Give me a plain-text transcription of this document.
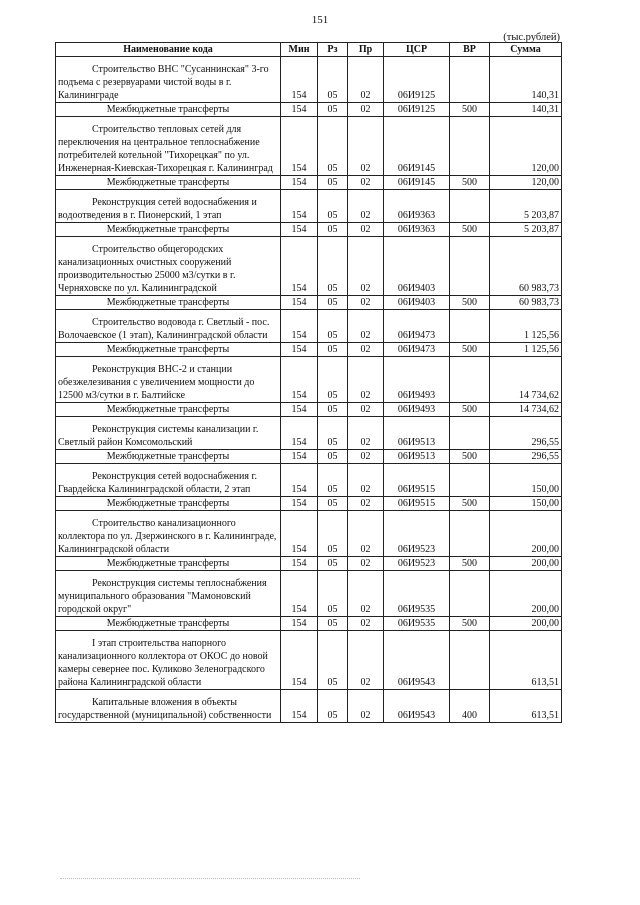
151
(тыс.рублей)
Наименование кода	Мин	Рз	Пр	ЦСР	ВР	Сумма
Строительство ВНС "Сусаннинская" 3-го подъема с резервуарами чистой воды в г. Калининграде	154	05	02	06И9125		140,31
Межбюджетные трансферты	154	05	02	06И9125	500	140,31
Строительство тепловых сетей для переключения на центральное теплоснабжение потребителей котельной "Тихорецкая" по ул. Инженерная-Киевская-Тихорецкая г. Калининград	154	05	02	06И9145		120,00
Межбюджетные трансферты	154	05	02	06И9145	500	120,00
Реконструкция сетей водоснабжения и водоотведения в г. Пионерский, 1 этап	154	05	02	06И9363		5 203,87
Межбюджетные трансферты	154	05	02	06И9363	500	5 203,87
Строительство общегородских канализационных очистных сооружений производительностью 25000 м3/сутки в г. Черняховске по ул. Калининградской	154	05	02	06И9403		60 983,73
Межбюджетные трансферты	154	05	02	06И9403	500	60 983,73
Строительство водовода г. Светлый - пос. Волочаевское (1 этап), Калининградской области	154	05	02	06И9473		1 125,56
Межбюджетные трансферты	154	05	02	06И9473	500	1 125,56
Реконструкция ВНС-2 и станции обезжелезивания с увеличением мощности до 12500 м3/сутки в г. Балтийске	154	05	02	06И9493		14 734,62
Межбюджетные трансферты	154	05	02	06И9493	500	14 734,62
Реконструкция системы канализации г. Светлый район Комсомольский	154	05	02	06И9513		296,55
Межбюджетные трансферты	154	05	02	06И9513	500	296,55
Реконструкция сетей водоснабжения г. Гвардейска Калининградской области, 2 этап	154	05	02	06И9515		150,00
Межбюджетные трансферты	154	05	02	06И9515	500	150,00
Строительство канализационного коллектора по ул. Дзержинского в г. Калининграде, Калининградской области	154	05	02	06И9523		200,00
Межбюджетные трансферты	154	05	02	06И9523	500	200,00
Реконструкция системы теплоснабжения муниципального образования "Мамоновский городской округ"	154	05	02	06И9535		200,00
Межбюджетные трансферты	154	05	02	06И9535	500	200,00
I этап строительства напорного канализационного коллектора от ОКОС до новой камеры севернее пос. Куликово Зеленоградского района Калининградской области	154	05	02	06И9543		613,51
Капитальные вложения в объекты государственной (муниципальной) собственности	154	05	02	06И9543	400	613,51
